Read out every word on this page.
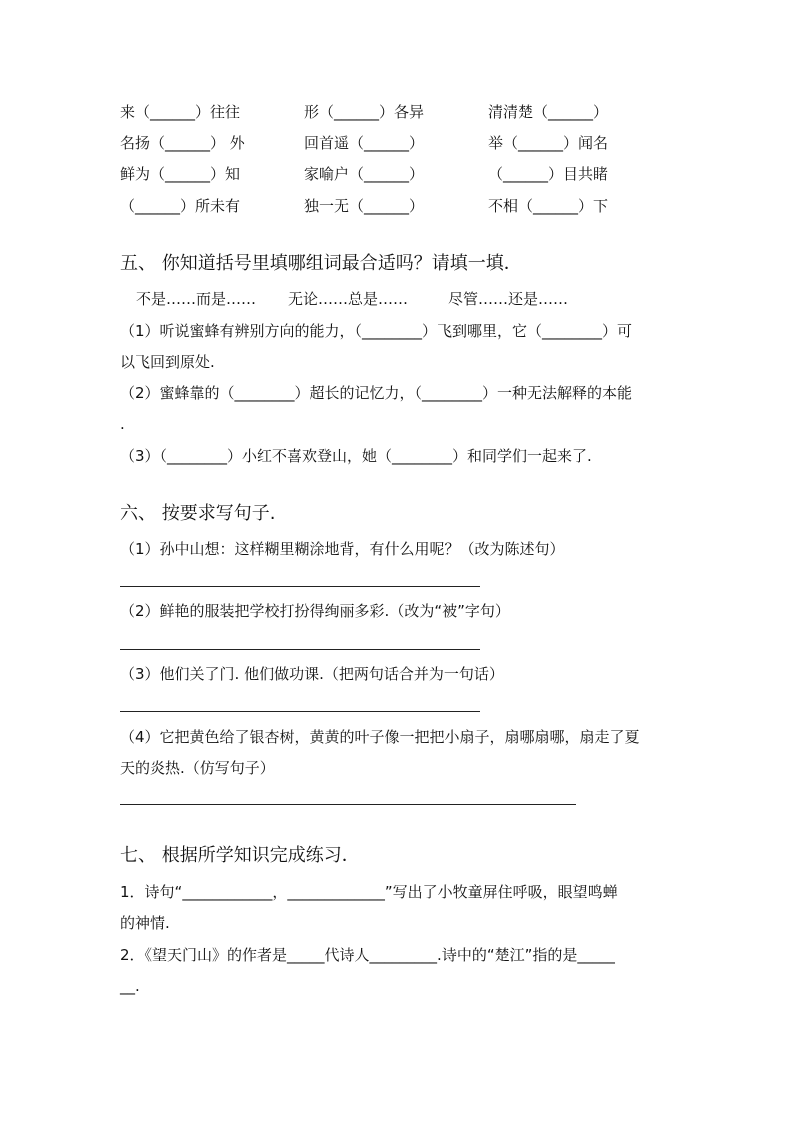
来（______）往往	形（______）各异	清清楚（______）
名扬（______） 外	回首遥（______）	举（______）闻名
鲜为（______）知	家喻户（______）	（______）目共睹
（______）所未有	独一无（______）	不相（______）下
五、 你知道括号里填哪组词最合适吗？请填一填．
不是……而是…… 无论……总是……	尽管……还是……
（1）听说蜜蜂有辨别方向的能力，（________）飞到哪里，它（________）可
以飞回到原处.
（2）蜜蜂靠的（________）超长的记忆力，（________）一种无法解释的本能
.
（3）（________）小红不喜欢登山，她（________）和同学们一起来了.
六、 按要求写句子.
（1）孙中山想：这样糊里糊涂地背，有什么用呢？（改为陈述句）
（2）鲜艳的服装把学校打扮得绚丽多彩.（改为“被”字句）
（3）他们关了门. 他们做功课.（把两句话合并为一句话）
（4）它把黄色给了银杏树，黄黄的叶子像一把把小扇子，扇哪扇哪，扇走了夏
天的炎热.（仿写句子）
七、 根据所学知识完成练习．
1．诗句“____________，_____________”写出了小牧童屏住呼吸，眼望鸣蝉
的神情.
2．《望天门山》的作者是_____代诗人_________.诗中的“楚江”指的是_____
__.
